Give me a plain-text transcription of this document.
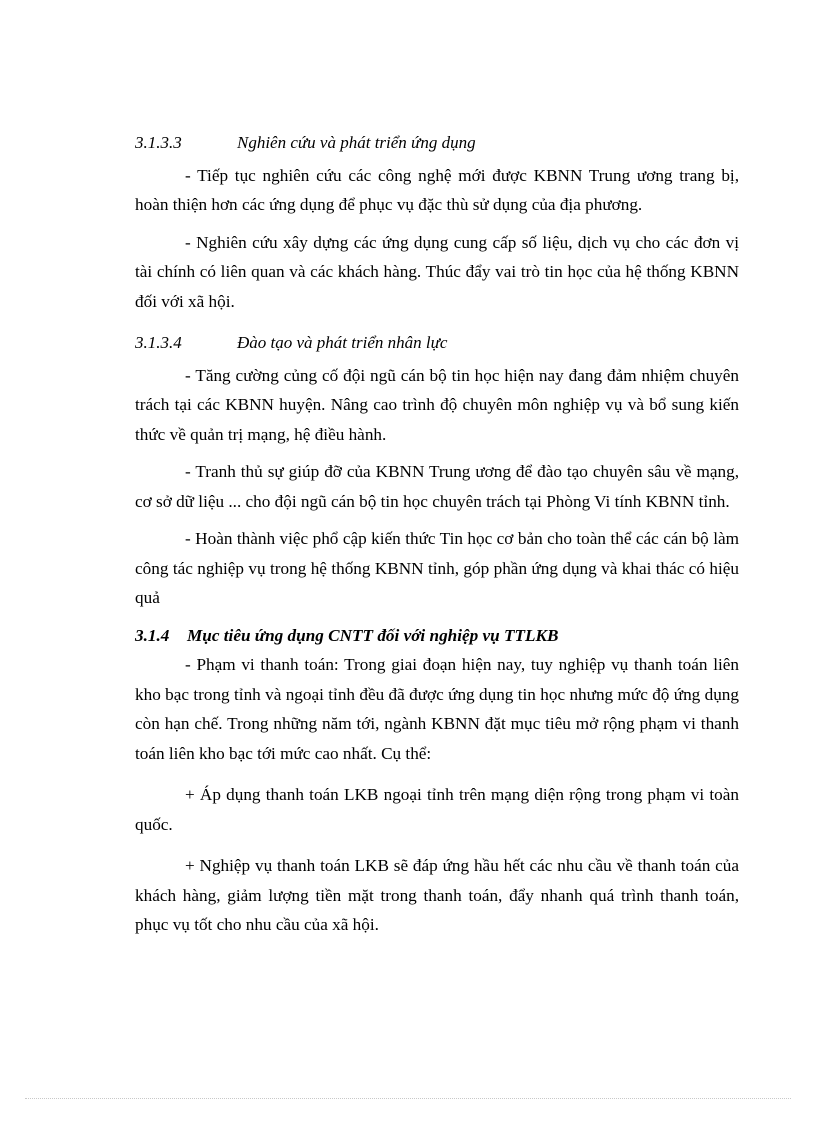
3.1.3.3	Nghiên cứu và phát triển ứng dụng

- Tiếp tục nghiên cứu các công nghệ mới được KBNN Trung ương trang bị, hoàn thiện hơn các ứng dụng để phục vụ đặc thù sử dụng của địa phương.

- Nghiên cứu xây dựng các ứng dụng cung cấp số liệu, dịch vụ cho các đơn vị tài chính có liên quan và các khách hàng. Thúc đẩy vai trò tin học của hệ thống KBNN đối với xã hội.

3.1.3.4	Đào tạo và phát triển nhân lực

- Tăng cường củng cố đội ngũ cán bộ tin học hiện nay đang đảm nhiệm chuyên trách tại các KBNN huyện. Nâng cao trình độ chuyên môn nghiệp vụ và bổ sung kiến thức về quản trị mạng, hệ điều hành.

- Tranh thủ sự giúp đỡ của KBNN Trung ương để đào tạo chuyên sâu về mạng, cơ sở dữ liệu ... cho đội ngũ cán bộ tin học chuyên trách tại Phòng Vi tính KBNN tỉnh.

- Hoàn thành việc phổ cập kiến thức Tin học cơ bản cho toàn thể các cán bộ làm công tác nghiệp vụ trong hệ thống KBNN tỉnh, góp phần ứng dụng và khai thác có hiệu quả

3.1.4 Mục tiêu ứng dụng CNTT đối với nghiệp vụ TTLKB

- Phạm vi thanh toán: Trong giai đoạn hiện nay, tuy nghiệp vụ thanh toán liên kho bạc trong tỉnh và ngoại tỉnh đều đã được ứng dụng tin học nhưng mức độ ứng dụng còn hạn chế. Trong những năm tới, ngành KBNN đặt mục tiêu mở rộng phạm vi thanh toán liên kho bạc tới mức cao nhất. Cụ thể:

+ Áp dụng thanh toán LKB ngoại tỉnh trên mạng diện rộng trong phạm vi toàn quốc.

+ Nghiệp vụ thanh toán LKB sẽ đáp ứng hầu hết các nhu cầu về thanh toán của khách hàng, giảm lượng tiền mặt trong thanh toán, đẩy nhanh quá trình thanh toán, phục vụ tốt cho nhu cầu của xã hội.
